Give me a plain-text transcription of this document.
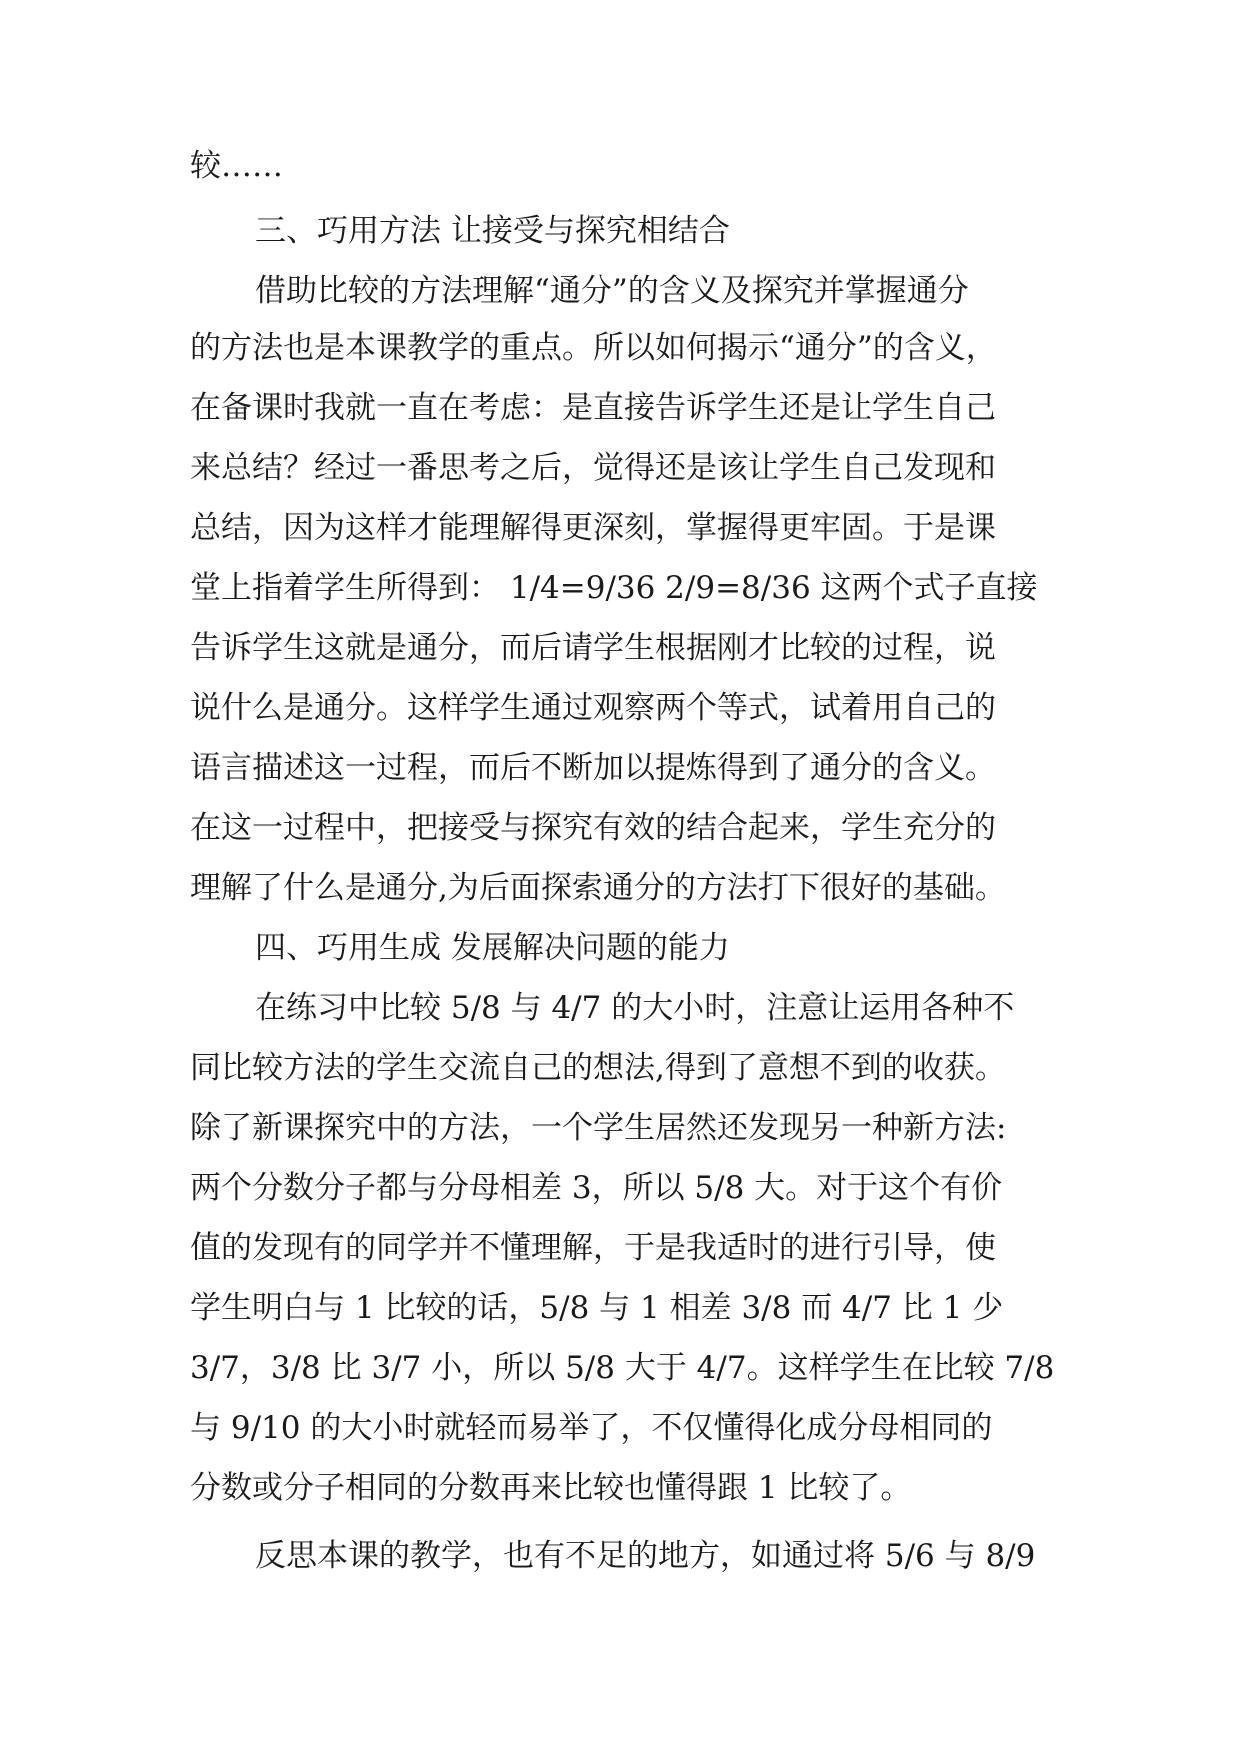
较……

三、巧用方法 让接受与探究相结合

借助比较的方法理解“通分”的含义及探究并掌握通分

的方法也是本课教学的重点。所以如何揭示“通分”的含义，

在备课时我就一直在考虑：是直接告诉学生还是让学生自己

来总结？经过一番思考之后，觉得还是该让学生自己发现和

总结，因为这样才能理解得更深刻，掌握得更牢固。于是课

堂上指着学生所得到： 1/4=9/36 2/9=8/36 这两个式子直接

告诉学生这就是通分，而后请学生根据刚才比较的过程，说

说什么是通分。这样学生通过观察两个等式，试着用自己的

语言描述这一过程，而后不断加以提炼得到了通分的含义。

在这一过程中，把接受与探究有效的结合起来，学生充分的

理解了什么是通分,为后面探索通分的方法打下很好的基础。

四、巧用生成 发展解决问题的能力

在练习中比较 5/8 与 4/7 的大小时，注意让运用各种不

同比较方法的学生交流自己的想法,得到了意想不到的收获。

除了新课探究中的方法，一个学生居然还发现另一种新方法:

两个分数分子都与分母相差 3，所以 5/8 大。对于这个有价

值的发现有的同学并不懂理解，于是我适时的进行引导，使

学生明白与 1 比较的话，5/8 与 1 相差 3/8 而 4/7 比 1 少

3/7，3/8 比 3/7 小，所以 5/8 大于 4/7。这样学生在比较 7/8

与 9/10 的大小时就轻而易举了，不仅懂得化成分母相同的

分数或分子相同的分数再来比较也懂得跟 1 比较了。

反思本课的教学，也有不足的地方，如通过将 5/6 与 8/9
